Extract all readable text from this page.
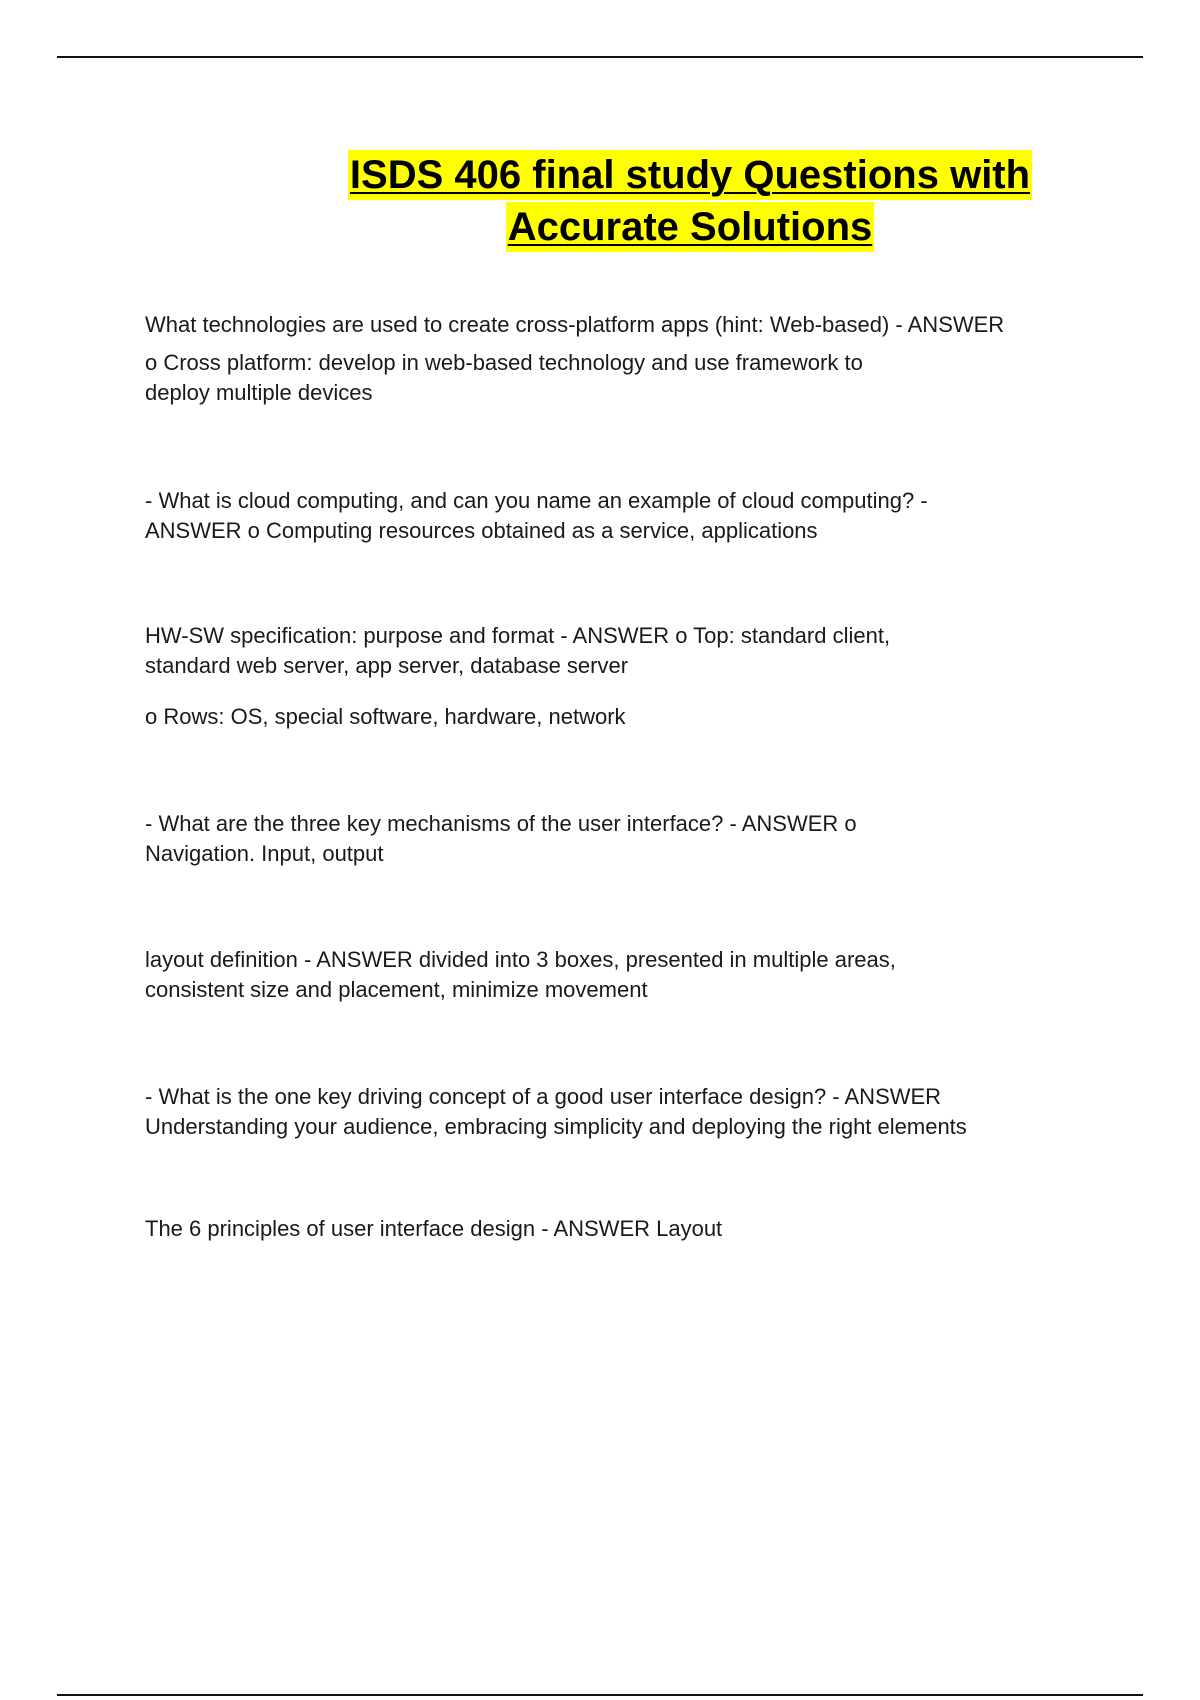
ISDS 406 final study Questions with
Accurate Solutions

What technologies are used to create cross-platform apps (hint: Web-based) - ANSWER

o Cross platform: develop in web-based technology and use framework to
deploy multiple devices

- What is cloud computing, and can you name an example of cloud computing? -
ANSWER o Computing resources obtained as a service, applications

HW-SW specification: purpose and format - ANSWER o Top: standard client,
standard web server, app server, database server

o Rows: OS, special software, hardware, network

- What are the three key mechanisms of the user interface? - ANSWER o
Navigation. Input, output

layout definition - ANSWER divided into 3 boxes, presented in multiple areas,
consistent size and placement, minimize movement

- What is the one key driving concept of a good user interface design? - ANSWER
Understanding your audience, embracing simplicity and deploying the right elements

The 6 principles of user interface design - ANSWER Layout
